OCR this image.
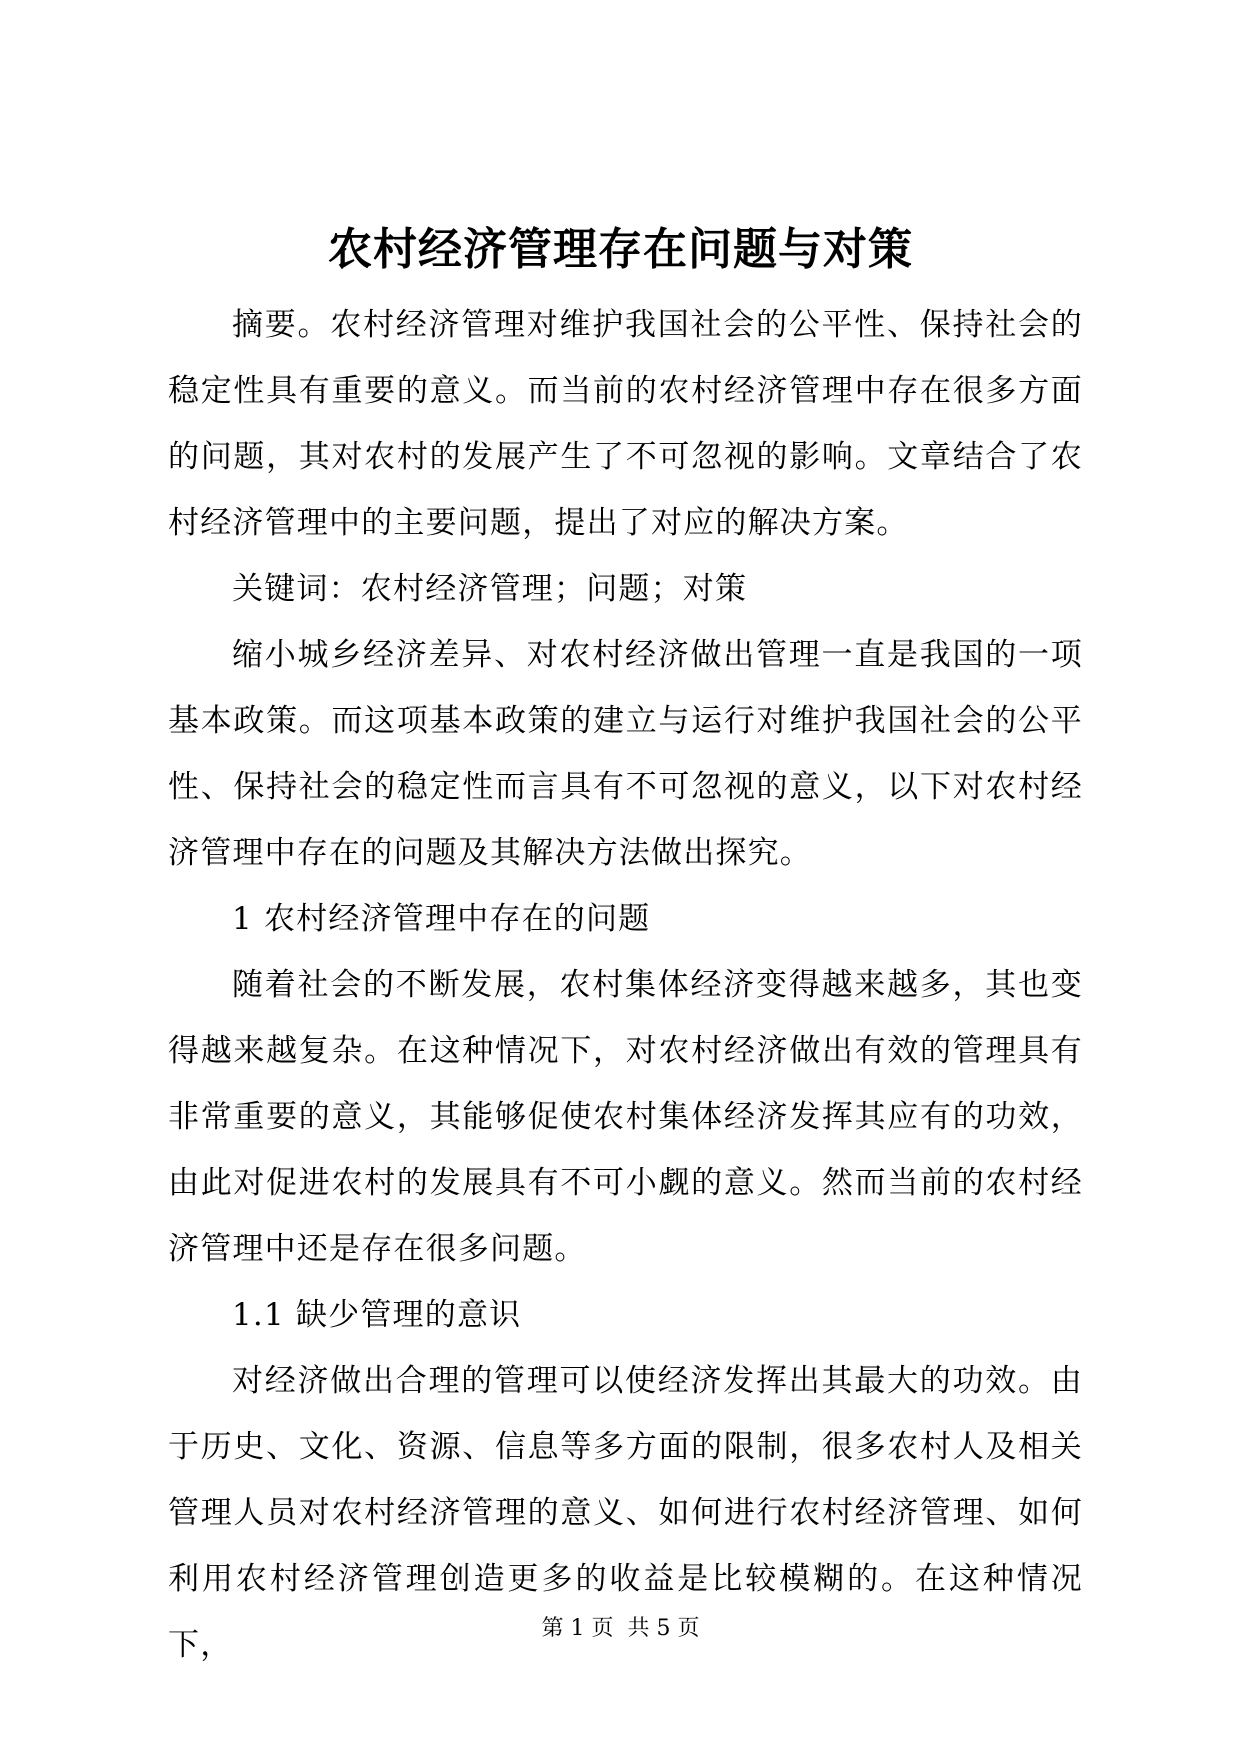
农村经济管理存在问题与对策

摘要。农村经济管理对维护我国社会的公平性、保持社会的稳定性具有重要的意义。而当前的农村经济管理中存在很多方面的问题，其对农村的发展产生了不可忽视的影响。文章结合了农村经济管理中的主要问题，提出了对应的解决方案。

关键词：农村经济管理；问题；对策

缩小城乡经济差异、对农村经济做出管理一直是我国的一项基本政策。而这项基本政策的建立与运行对维护我国社会的公平性、保持社会的稳定性而言具有不可忽视的意义，以下对农村经济管理中存在的问题及其解决方法做出探究。

1 农村经济管理中存在的问题

随着社会的不断发展，农村集体经济变得越来越多，其也变得越来越复杂。在这种情况下，对农村经济做出有效的管理具有非常重要的意义，其能够促使农村集体经济发挥其应有的功效，由此对促进农村的发展具有不可小觑的意义。然而当前的农村经济管理中还是存在很多问题。

1.1 缺少管理的意识

对经济做出合理的管理可以使经济发挥出其最大的功效。由于历史、文化、资源、信息等多方面的限制，很多农村人及相关管理人员对农村经济管理的意义、如何进行农村经济管理、如何利用农村经济管理创造更多的收益是比较模糊的。在这种情况下，	第 1 页 共 5 页
